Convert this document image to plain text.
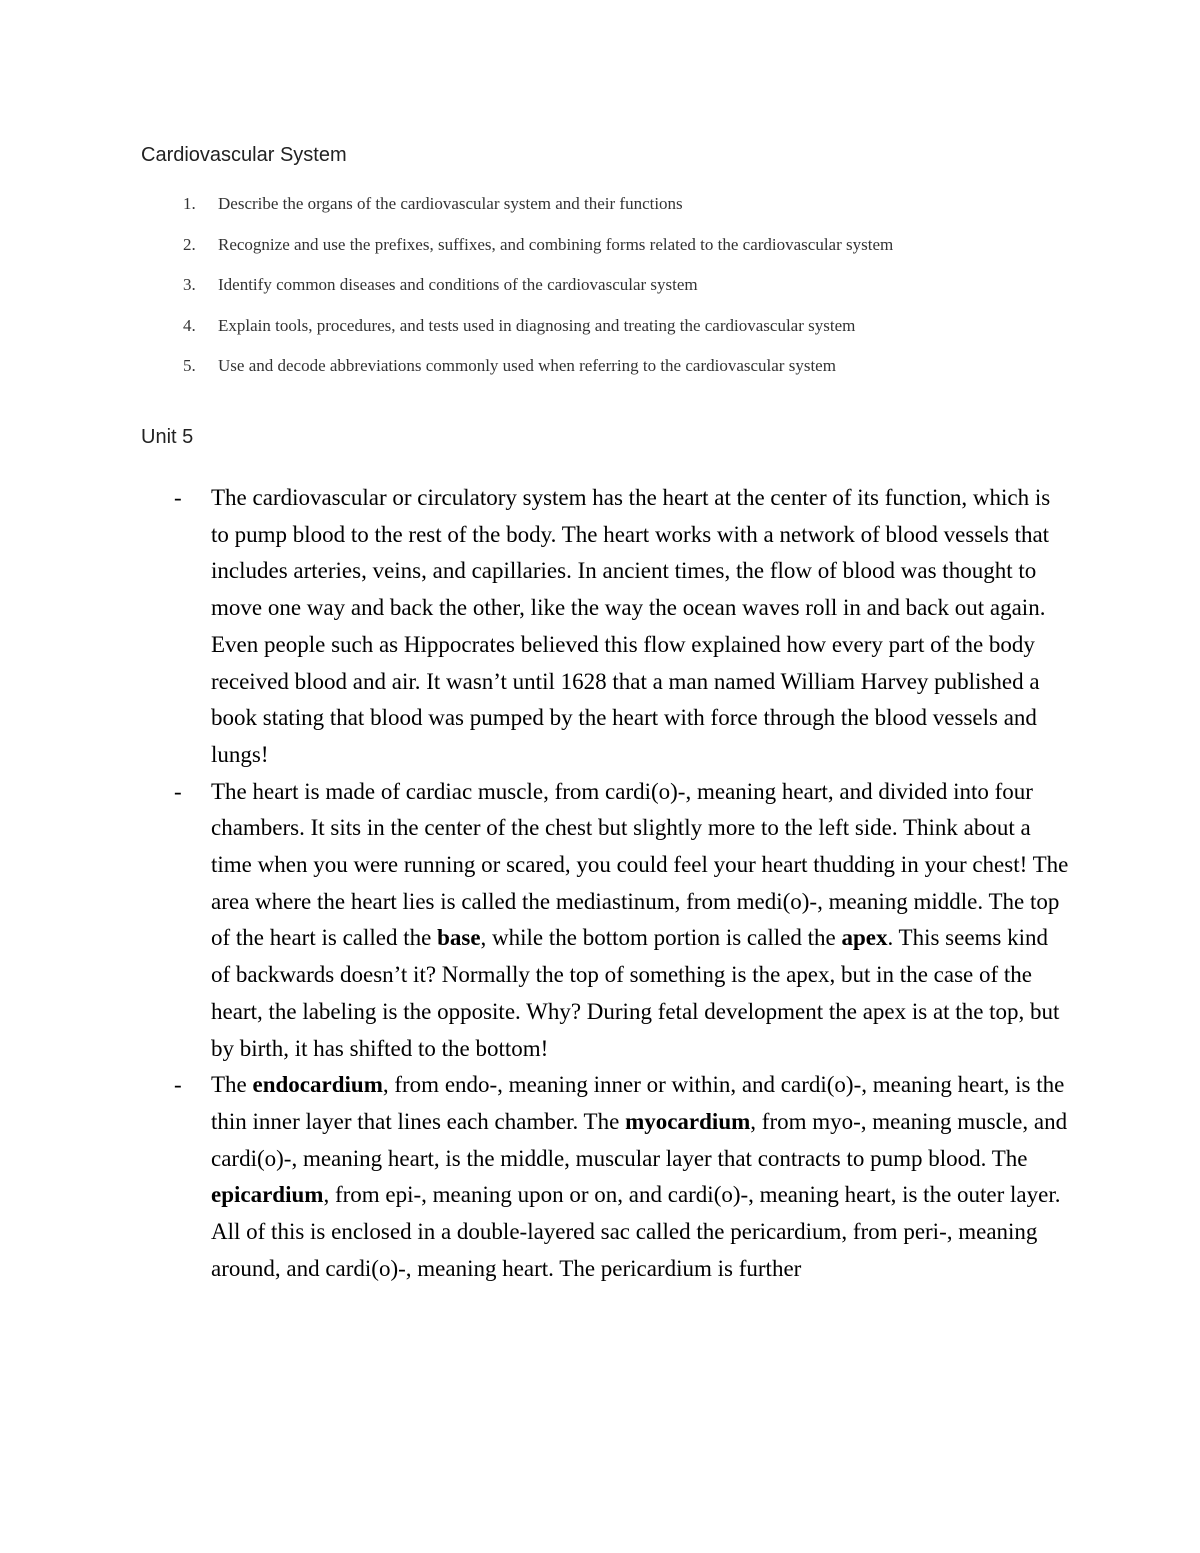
Cardiovascular System
1.	Describe the organs of the cardiovascular system and their functions
2.	Recognize and use the prefixes, suffixes, and combining forms related to the cardiovascular system
3.	Identify common diseases and conditions of the cardiovascular system
4.	Explain tools, procedures, and tests used in diagnosing and treating the cardiovascular system
5.	Use and decode abbreviations commonly used when referring to the cardiovascular system
Unit 5
- The cardiovascular or circulatory system has the heart at the center of its function, which is to pump blood to the rest of the body. The heart works with a network of blood vessels that includes arteries, veins, and capillaries. In ancient times, the flow of blood was thought to move one way and back the other, like the way the ocean waves roll in and back out again. Even people such as Hippocrates believed this flow explained how every part of the body received blood and air. It wasn’t until 1628 that a man named William Harvey published a book stating that blood was pumped by the heart with force through the blood vessels and lungs!

- The heart is made of cardiac muscle, from cardi(o)-, meaning heart, and divided into four chambers. It sits in the center of the chest but slightly more to the left side. Think about a time when you were running or scared, you could feel your heart thudding in your chest! The area where the heart lies is called the mediastinum, from medi(o)-, meaning middle. The top of the heart is called the base, while the bottom portion is called the apex. This seems kind of backwards doesn’t it? Normally the top of something is the apex, but in the case of the heart, the labeling is the opposite. Why? During fetal development the apex is at the top, but by birth, it has shifted to the bottom!

- The endocardium, from endo-, meaning inner or within, and cardi(o)-, meaning heart, is the thin inner layer that lines each chamber. The myocardium, from myo-, meaning muscle, and cardi(o)-, meaning heart, is the middle, muscular layer that contracts to pump blood. The epicardium, from epi-, meaning upon or on, and cardi(o)-, meaning heart, is the outer layer. All of this is enclosed in a double-layered sac called the pericardium, from peri-, meaning around, and cardi(o)-, meaning heart. The pericardium is further
